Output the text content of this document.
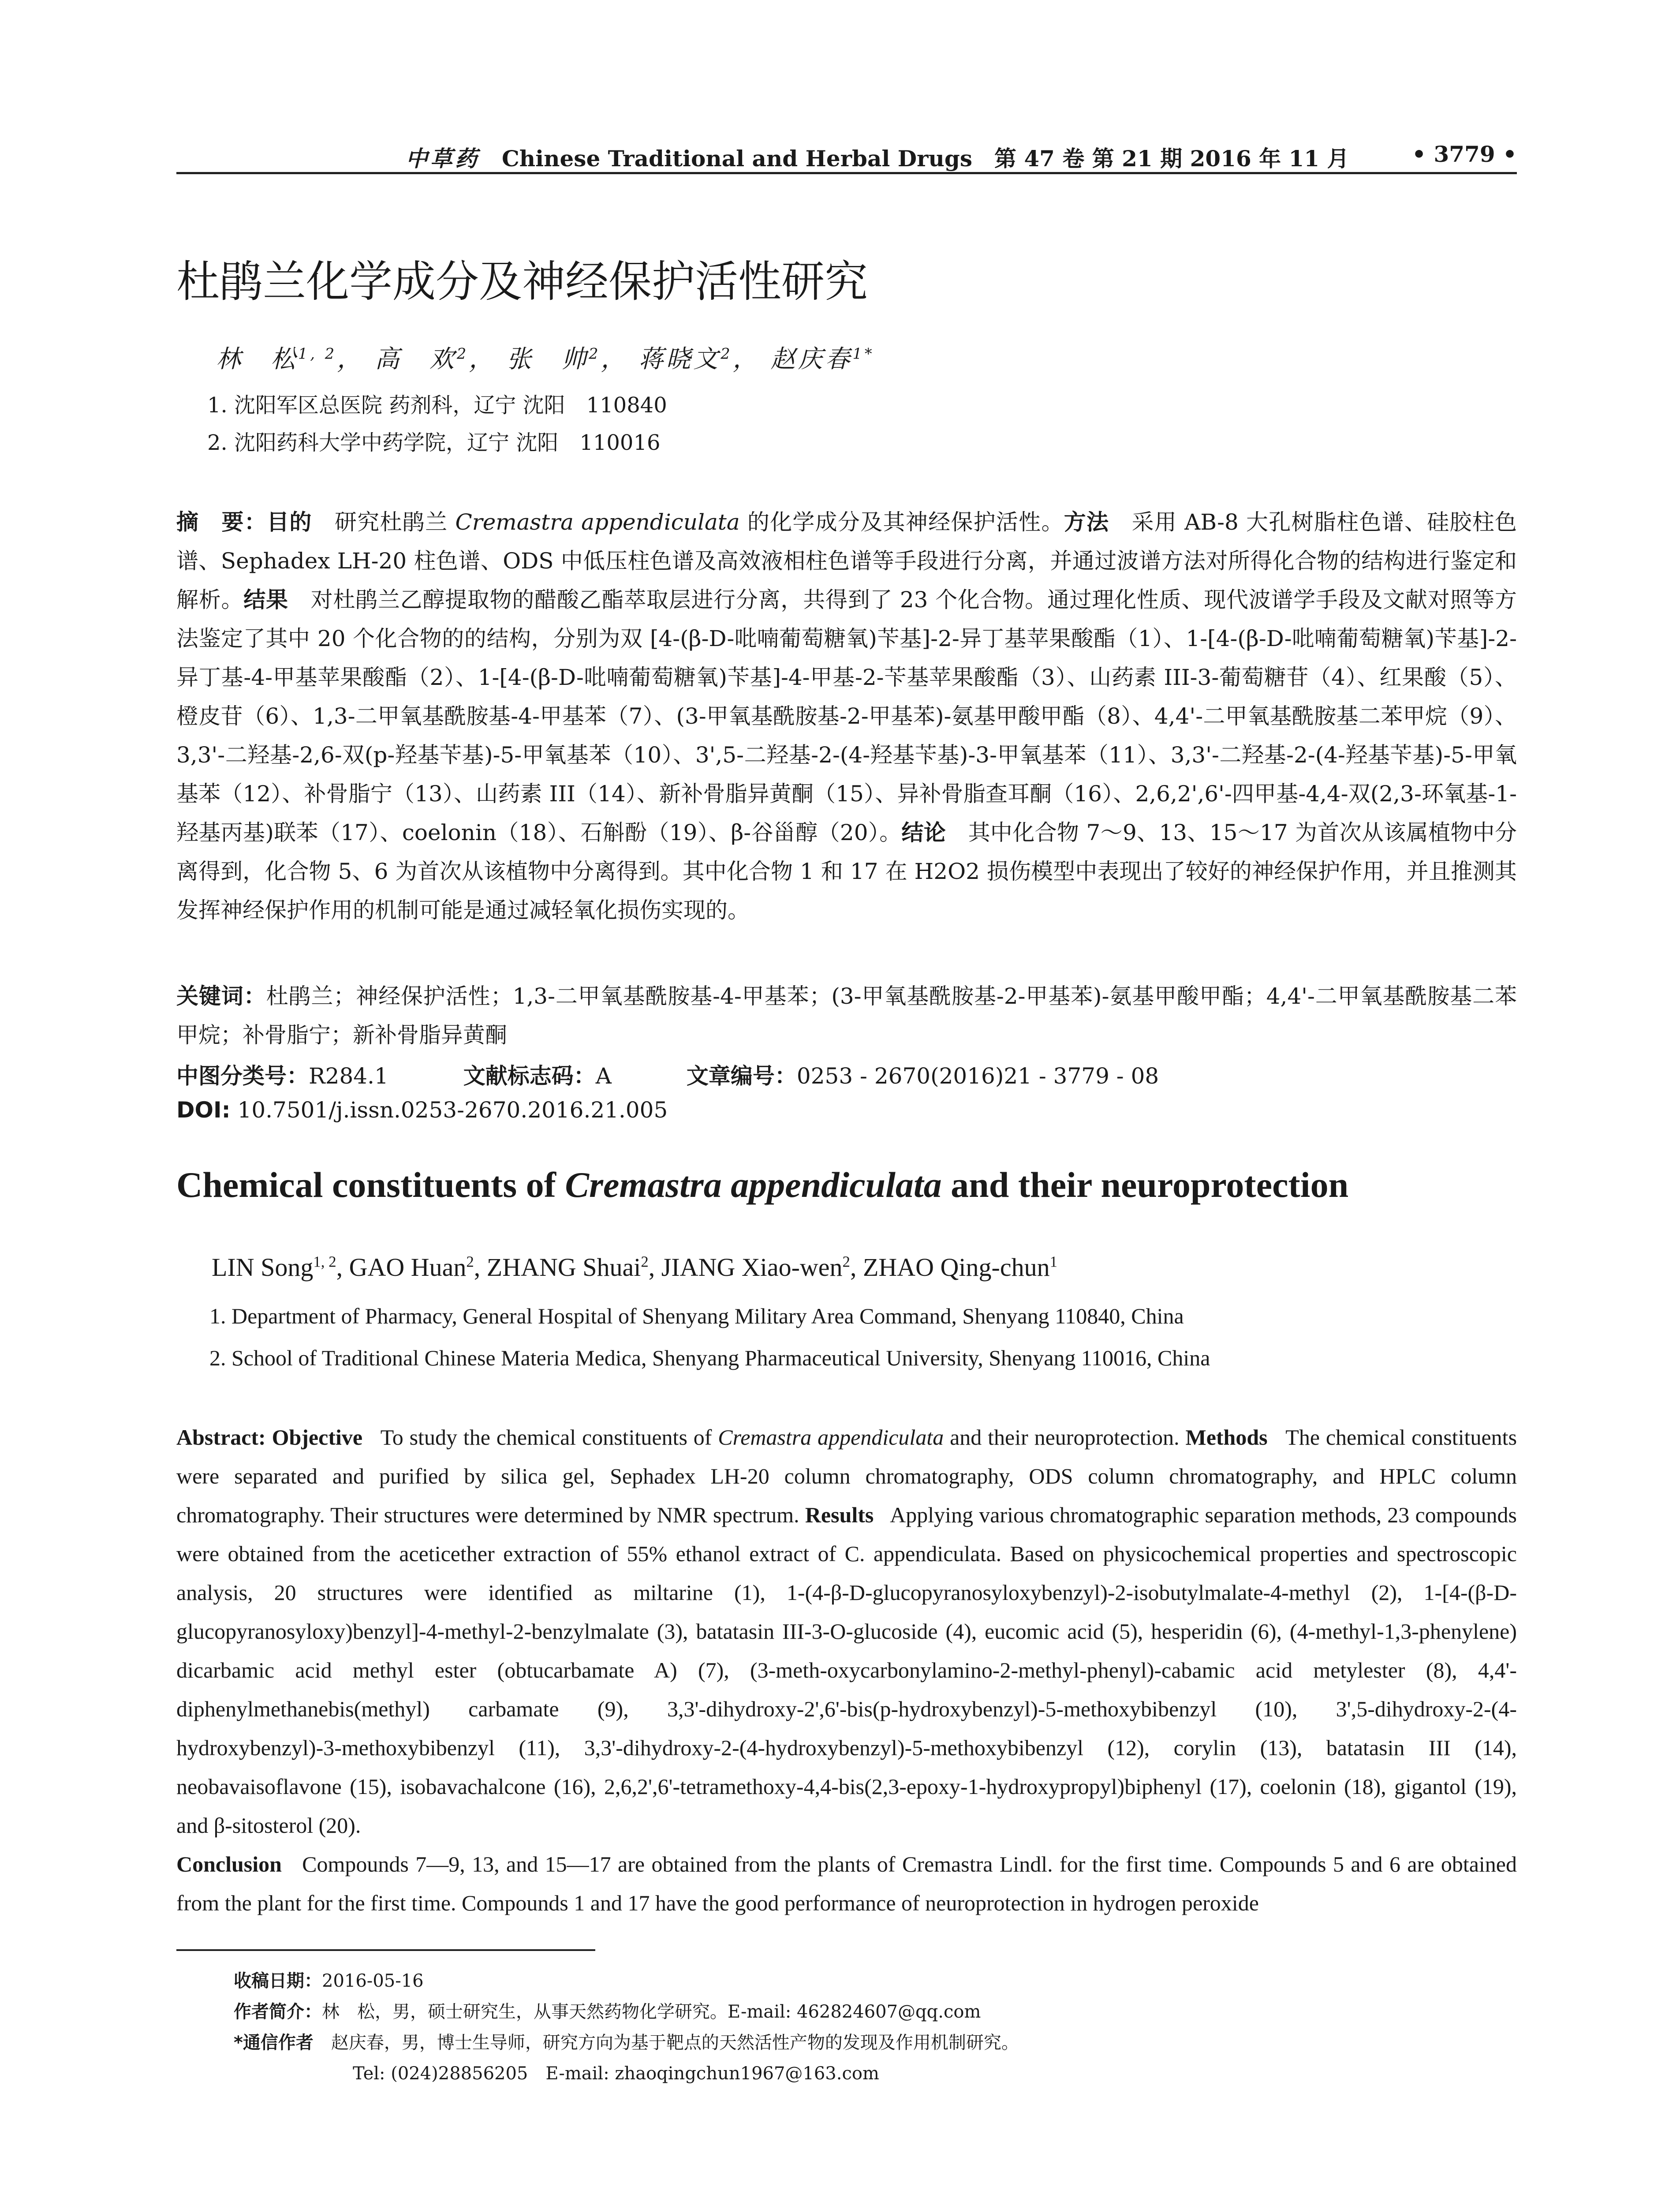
中草药 Chinese Traditional and Herbal Drugs　第 47 卷 第 21 期 2016 年 11 月	• 3779 •
杜鹃兰化学成分及神经保护活性研究
林　松$^{1, 2}$， 高　欢$^2$， 张　帅$^2$， 蒋晓文$^2$， 赵庆春$^{1*}$
1. 沈阳军区总医院 药剂科，辽宁 沈阳　110840
2. 沈阳药科大学中药学院，辽宁 沈阳　110016
摘　要：目的　 研究杜鹃兰 Cremastra appendiculata 的化学成分及其神经保护活性。方法　 采用 AB-8 大孔树脂柱色谱、硅胶柱色谱、Sephadex LH-20 柱色谱、ODS 中低压柱色谱及高效液相柱色谱等手段进行分离，并通过波谱方法对所得化合物的结构进行鉴定和解析。结果　 对杜鹃兰乙醇提取物的醋酸乙酯萃取层进行分离，共得到了 23 个化合物。通过理化性质、现代波谱学手段及文献对照等方法鉴定了其中 20 个化合物的的结构，分别为双 [4-(β-D-吡喃葡萄糖氧)苄基]-2-异丁基苹果酸酯（1）、1-[4-(β-D-吡喃葡萄糖氧)苄基]-2-异丁基-4-甲基苹果酸酯（2）、1-[4-(β-D-吡喃葡萄糖氧)苄基]-4-甲基-2-苄基苹果酸酯（3）、山药素 III-3-葡萄糖苷（4）、红果酸（5）、橙皮苷（6）、1,3-二甲氧基酰胺基-4-甲基苯（7）、(3-甲氧基酰胺基-2-甲基苯)-氨基甲酸甲酯（8）、4,4'-二甲氧基酰胺基二苯甲烷（9）、3,3'-二羟基-2,6-双(p-羟基苄基)-5-甲氧基苯（10）、3',5-二羟基-2-(4-羟基苄基)-3-甲氧基苯（11）、3,3'-二羟基-2-(4-羟基苄基)-5-甲氧基苯（12）、补骨脂宁（13）、山药素 III（14）、新补骨脂异黄酮（15）、异补骨脂查耳酮（16）、2,6,2',6'-四甲基-4,4-双(2,3-环氧基-1-羟基丙基)联苯（17）、coelonin（18）、石斛酚（19）、β-谷甾醇（20）。结论　 其中化合物 7～9、13、15～17 为首次从该属植物中分离得到，化合物 5、6 为首次从该植物中分离得到。其中化合物 1 和 17 在 H2O2 损伤模型中表现出了较好的神经保护作用，并且推测其发挥神经保护作用的机制可能是通过减轻氧化损伤实现的。
关键词：杜鹃兰；神经保护活性；1,3-二甲氧基酰胺基-4-甲基苯；(3-甲氧基酰胺基-2-甲基苯)-氨基甲酸甲酯；4,4'-二甲氧基酰胺基二苯甲烷；补骨脂宁；新补骨脂异黄酮
中图分类号：R284.1	文献标志码：A	文章编号：0253 - 2670(2016)21 - 3779 - 08
DOI: 10.7501/j.issn.0253-2670.2016.21.005
Chemical constituents of Cremastra appendiculata and their neuroprotection
LIN Song$^{1, 2}$, GAO Huan$^2$, ZHANG Shuai$^2$, JIANG Xiao-wen$^2$, ZHAO Qing-chun$^1$
1. Department of Pharmacy, General Hospital of Shenyang Military Area Command, Shenyang 110840, China
2. School of Traditional Chinese Materia Medica, Shenyang Pharmaceutical University, Shenyang 110016, China
Abstract: Objective To study the chemical constituents of Cremastra appendiculata and their neuroprotection. Methods The chemical constituents were separated and purified by silica gel, Sephadex LH-20 column chromatography, ODS column chromatography, and HPLC column chromatography. Their structures were determined by NMR spectrum. Results Applying various chromatographic separation methods, 23 compounds were obtained from the aceticether extraction of 55% ethanol extract of C. appendiculata. Based on physicochemical properties and spectroscopic analysis, 20 structures were identified as miltarine (1), 1-(4-β-D-glucopyranosyloxybenzyl)-2-isobutylmalate-4-methyl (2), 1-[4-(β-D-glucopyranosyloxy)benzyl]-4-methyl-2-benzylmalate (3), batatasin III-3-O-glucoside (4), eucomic acid (5), hesperidin (6), (4-methyl-1,3-phenylene) dicarbamic acid methyl ester (obtucarbamate A) (7), (3-meth-oxycarbonylamino-2-methyl-phenyl)-cabamic acid metylester (8), 4,4'-diphenylmethanebis(methyl) carbamate (9), 3,3'-dihydroxy-2',6'-bis(p-hydroxybenzyl)-5-methoxybibenzyl (10), 3',5-dihydroxy-2-(4-hydroxybenzyl)-3-methoxybibenzyl (11), 3,3'-dihydroxy-2-(4-hydroxybenzyl)-5-methoxybibenzyl (12), corylin (13), batatasin III (14), neobavaisoflavone (15), isobavachalcone (16), 2,6,2',6'-tetramethoxy-4,4-bis(2,3-epoxy-1-hydroxypropyl)biphenyl (17), coelonin (18), gigantol (19), and β-sitosterol (20).
Conclusion Compounds 7—9, 13, and 15—17 are obtained from the plants of Cremastra Lindl. for the first time. Compounds 5 and 6 are obtained from the plant for the first time. Compounds 1 and 17 have the good performance of neuroprotection in hydrogen peroxide
收稿日期：2016-05-16
作者简介：林　松，男，硕士研究生，从事天然药物化学研究。E-mail: 462824607@qq.com
*通信作者　 赵庆春，男，博士生导师，研究方向为基于靶点的天然活性产物的发现及作用机制研究。
Tel: (024)28856205　E-mail: zhaoqingchun1967@163.com
